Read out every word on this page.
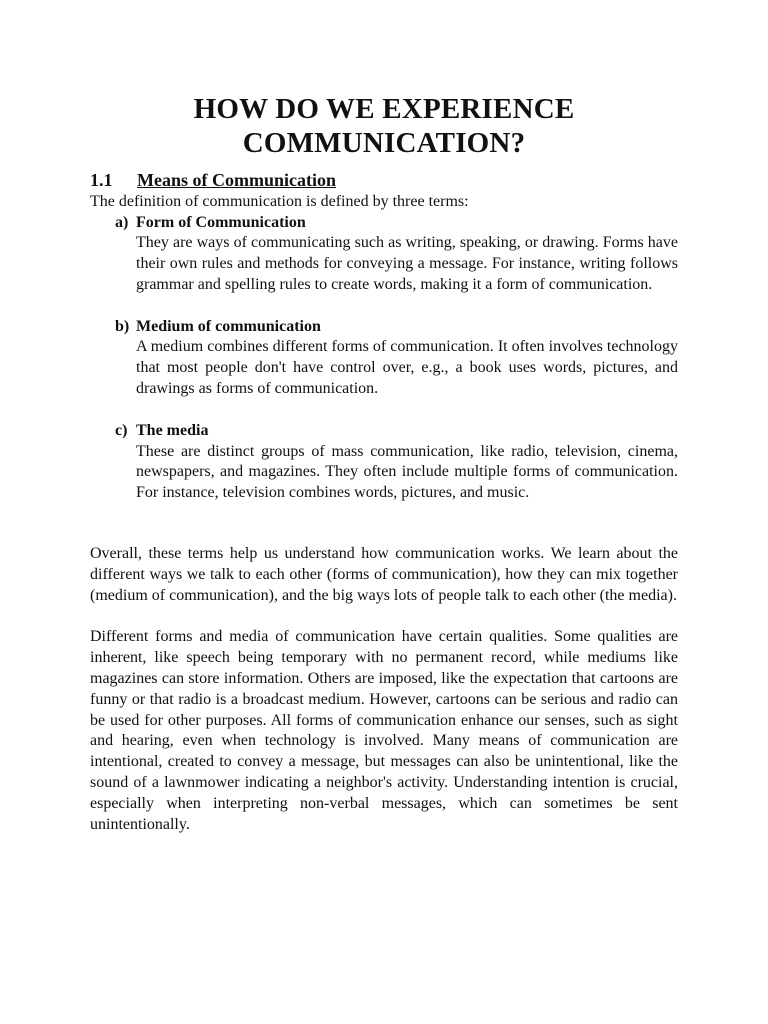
HOW DO WE EXPERIENCE
COMMUNICATION?
1.1	Means of Communication

The definition of communication is defined by three terms:

a) Form of Communication

They are ways of communicating such as writing, speaking, or drawing. Forms have their own rules and methods for conveying a message. For instance, writing follows grammar and spelling rules to create words, making it a form of communication.

b) Medium of communication

A medium combines different forms of communication. It often involves technology that most people don't have control over, e.g., a book uses words, pictures, and drawings as forms of communication.

c) The media

These are distinct groups of mass communication, like radio, television, cinema, newspapers, and magazines. They often include multiple forms of communication. For instance, television combines words, pictures, and music.

Overall, these terms help us understand how communication works. We learn about the different ways we talk to each other (forms of communication), how they can mix together (medium of communication), and the big ways lots of people talk to each other (the media).

Different forms and media of communication have certain qualities. Some qualities are inherent, like speech being temporary with no permanent record, while mediums like magazines can store information. Others are imposed, like the expectation that cartoons are funny or that radio is a broadcast medium. However, cartoons can be serious and radio can be used for other purposes. All forms of communication enhance our senses, such as sight and hearing, even when technology is involved. Many means of communication are intentional, created to convey a message, but messages can also be unintentional, like the sound of a lawnmower indicating a neighbor's activity. Understanding intention is crucial, especially when interpreting non-verbal messages, which can sometimes be sent unintentionally.
